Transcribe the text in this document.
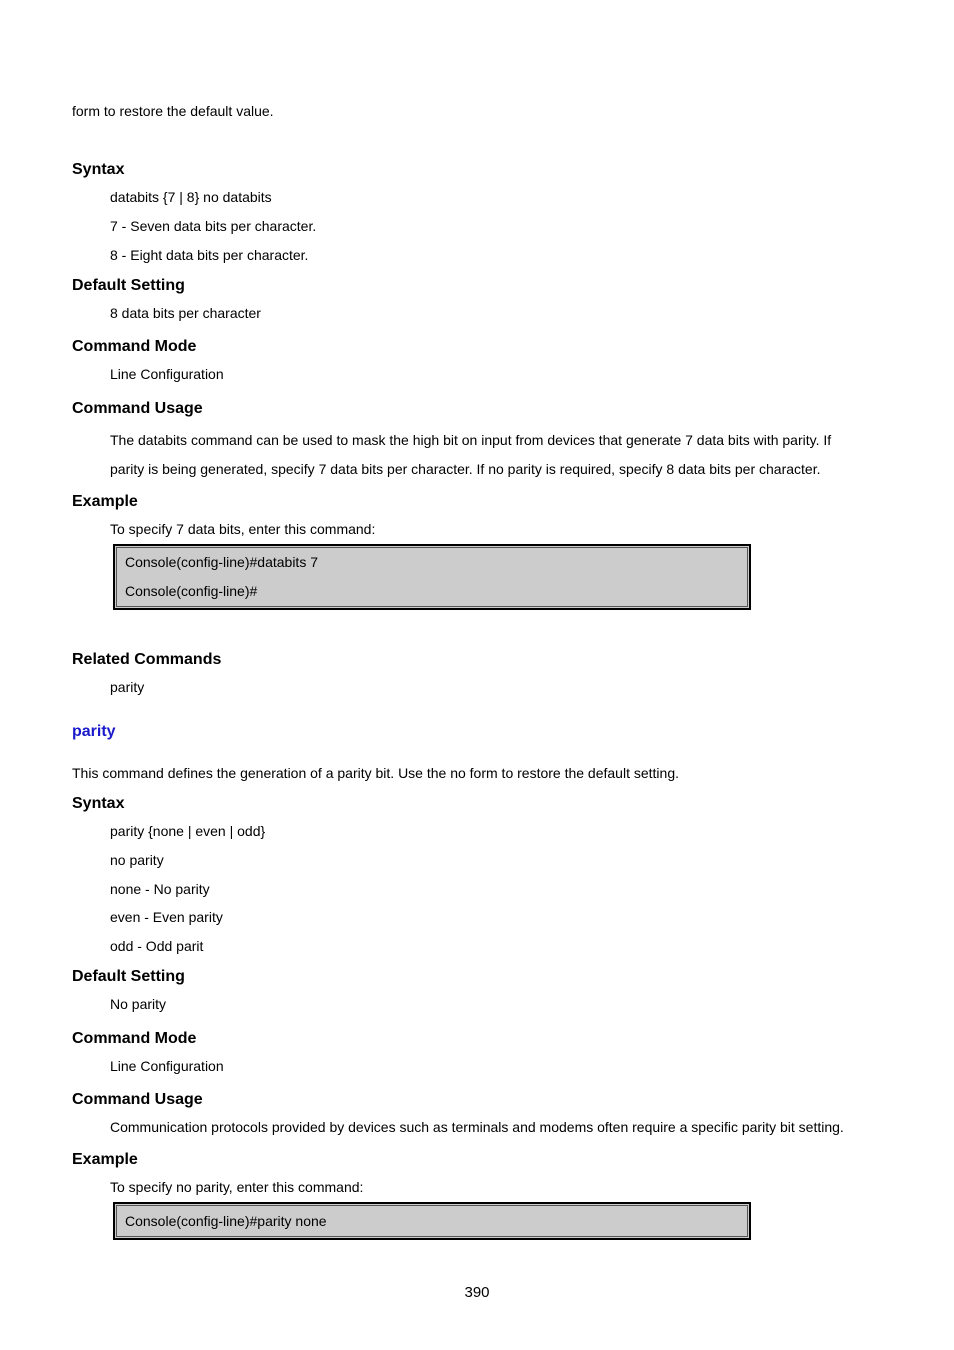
form to restore the default value.
Syntax
databits {7 | 8} no databits
7 - Seven data bits per character.
8 - Eight data bits per character.
Default Setting
8 data bits per character
Command Mode
Line Configuration
Command Usage
The databits command can be used to mask the high bit on input from devices that generate 7 data bits with parity. If
parity is being generated, specify 7 data bits per character. If no parity is required, specify 8 data bits per character.
Example
To specify 7 data bits, enter this command:
Console(config-line)#databits 7
Console(config-line)#
Related Commands
parity
parity
This command defines the generation of a parity bit. Use the no form to restore the default setting.
Syntax
parity {none | even | odd}
no parity
none - No parity
even - Even parity
odd - Odd parit
Default Setting
No parity
Command Mode
Line Configuration
Command Usage
Communication protocols provided by devices such as terminals and modems often require a specific parity bit setting.
Example
To specify no parity, enter this command:
Console(config-line)#parity none
390
